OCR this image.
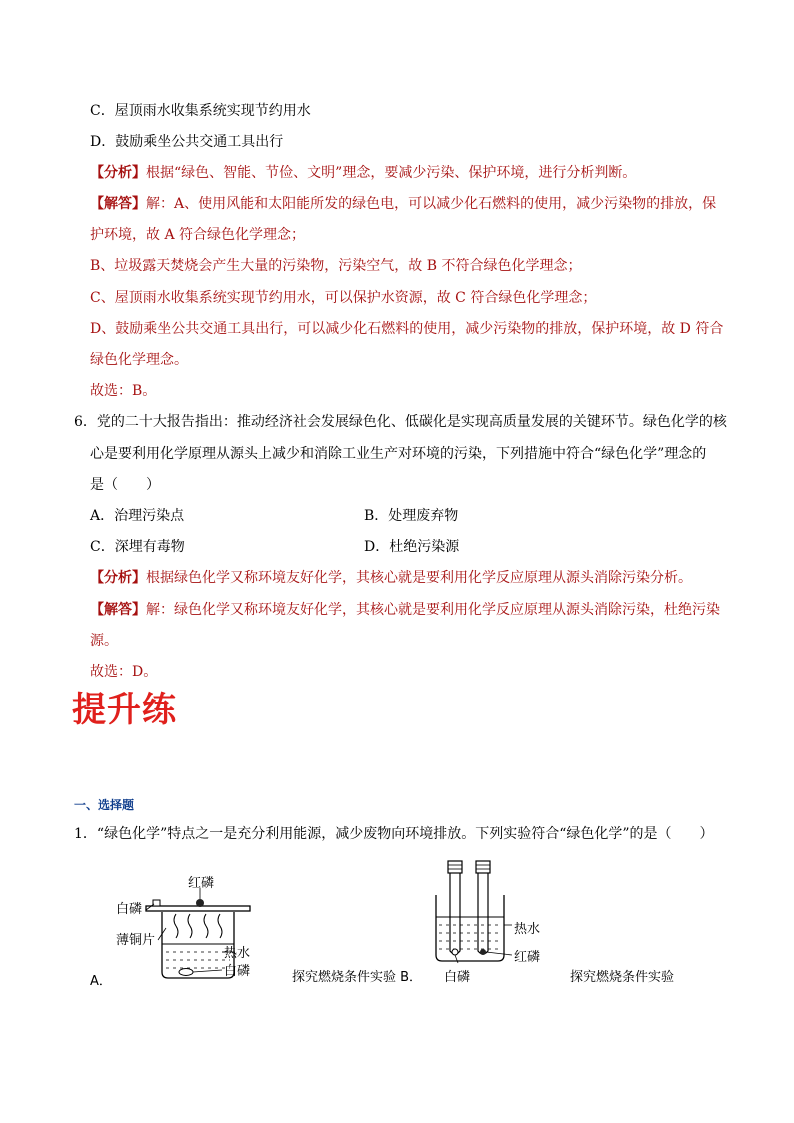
C．屋顶雨水收集系统实现节约用水
D．鼓励乘坐公共交通工具出行
【分析】根据“绿色、智能、节俭、文明”理念，要减少污染、保护环境，进行分析判断。
【解答】解：A、使用风能和太阳能所发的绿色电，可以减少化石燃料的使用，减少污染物的排放，保
护环境，故 A 符合绿色化学理念；
B、垃圾露天焚烧会产生大量的污染物，污染空气，故 B 不符合绿色化学理念；
C、屋顶雨水收集系统实现节约用水，可以保护水资源，故 C 符合绿色化学理念；
D、鼓励乘坐公共交通工具出行，可以减少化石燃料的使用，减少污染物的排放，保护环境，故 D 符合
绿色化学理念。
故选：B。
6．党的二十大报告指出：推动经济社会发展绿色化、低碳化是实现高质量发展的关键环节。绿色化学的核
心是要利用化学原理从源头上减少和消除工业生产对环境的污染，下列措施中符合“绿色化学”理念的
是（　　）
A．治理污染点	B．处理废弃物
C．深埋有毒物	D．杜绝污染源
【分析】根据绿色化学又称环境友好化学，其核心就是要利用化学反应原理从源头消除污染分析。
【解答】解：绿色化学又称环境友好化学，其核心就是要利用化学反应原理从源头消除污染，杜绝污染
源。
故选：D。
提升练
一、选择题
1．“绿色化学”特点之一是充分利用能源，减少废物向环境排放。下列实验符合“绿色化学”的是（　　）
红磷
白磷
薄铜片
热水
白磷
A．	探究燃烧条件实验 B．
热水
红磷
白磷	探究燃烧条件实验
